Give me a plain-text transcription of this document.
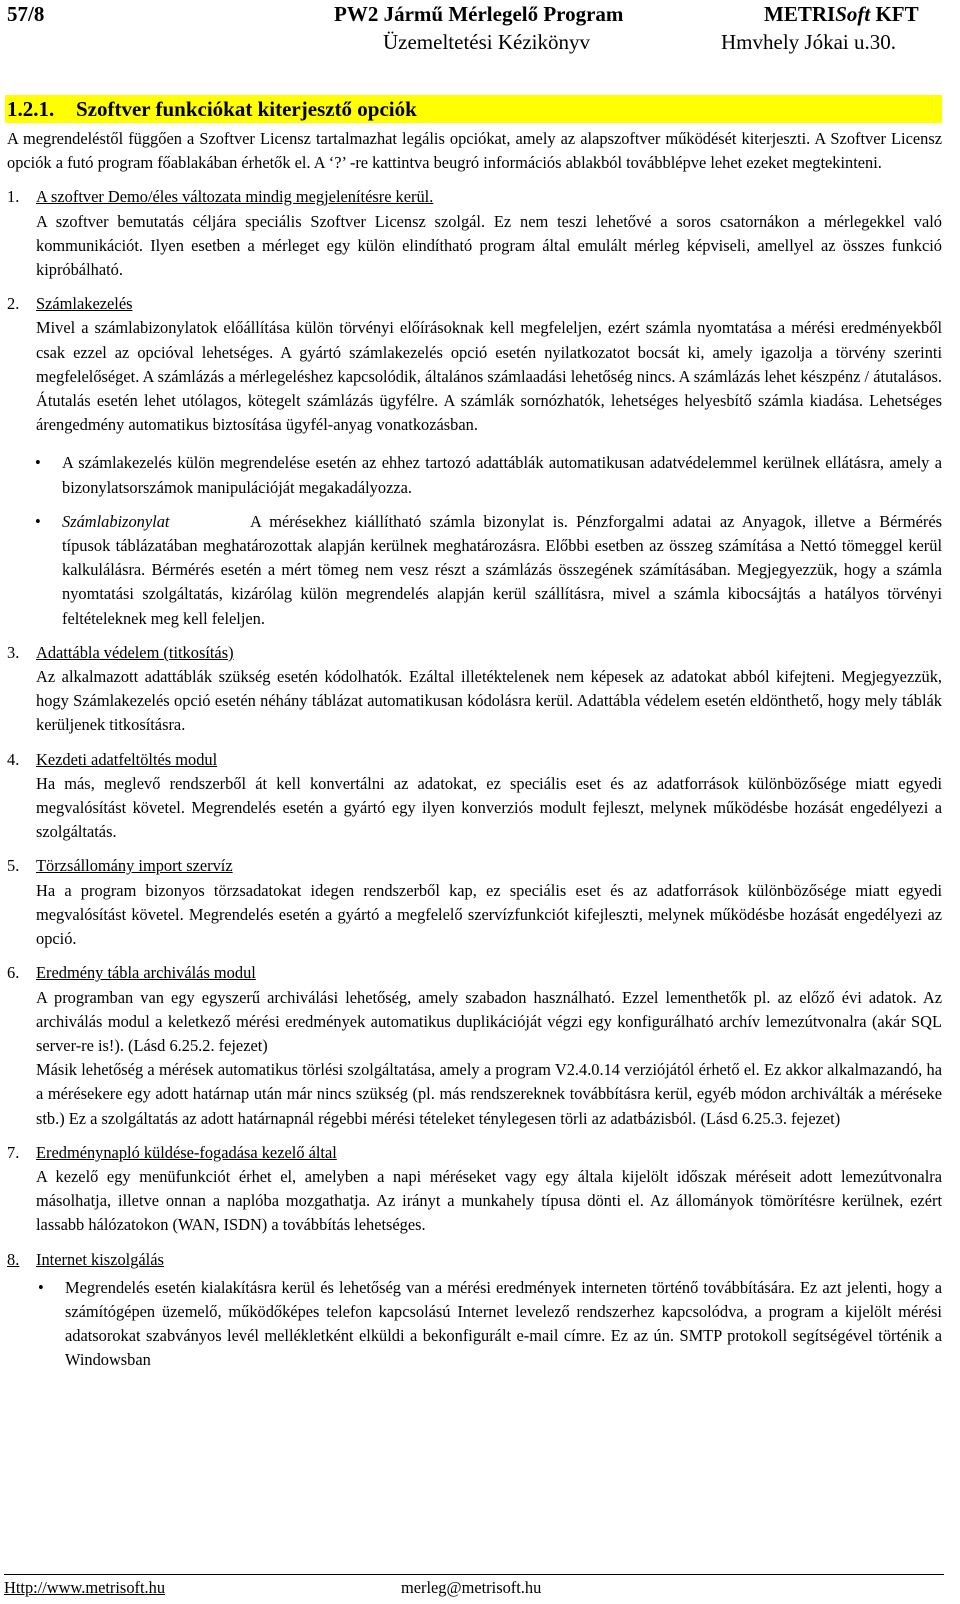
57/8	PW2 Jármű Mérlegelő Program	METRISoft KFT
Üzemeltetési Kézikönyv	Hmvhely Jókai u.30.
1.2.1. Szoftver funkciókat kiterjesztő opciók

A megrendeléstől függően a Szoftver Licensz tartalmazhat legális opciókat, amely az alapszoftver működését kiterjeszti. A Szoftver Licensz opciók a futó program főablakában érhetők el. A ‘?’ -re kattintva beugró információs ablakból továbblépve lehet ezeket megtekinteni.

1. A szoftver Demo/éles változata mindig megjelenítésre kerül.

A szoftver bemutatás céljára speciális Szoftver Licensz szolgál. Ez nem teszi lehetővé a soros csatornákon a mérlegekkel való kommunikációt. Ilyen esetben a mérleget egy külön elindítható program által emulált mérleg képviseli, amellyel az összes funkció kipróbálható.

2. Számlakezelés

Mivel a számlabizonylatok előállítása külön törvényi előírásoknak kell megfeleljen, ezért számla nyomtatása a mérési eredményekből csak ezzel az opcióval lehetséges. A gyártó számlakezelés opció esetén nyilatkozatot bocsát ki, amely igazolja a törvény szerinti megfelelőséget. A számlázás a mérlegeléshez kapcsolódik, általános számlaadási lehetőség nincs. A számlázás lehet készpénz / átutalásos. Átutalás esetén lehet utólagos, kötegelt számlázás ügyfélre. A számlák sornózhatók, lehetséges helyesbítő számla kiadása. Lehetséges árengedmény automatikus biztosítása ügyfél-anyag vonatkozásban.

• A számlakezelés külön megrendelése esetén az ehhez tartozó adattáblák automatikusan adatvédelemmel kerülnek ellátásra, amely a bizonylatsorszámok manipulációját megakadályozza.
• Számlabizonylat	A mérésekhez kiállítható számla bizonylat is. Pénzforgalmi adatai az Anyagok, illetve a Bérmérés típusok táblázatában meghatározottak alapján kerülnek meghatározásra. Előbbi esetben az összeg számítása a Nettó tömeggel kerül kalkulálásra. Bérmérés esetén a mért tömeg nem vesz részt a számlázás összegének számításában. Megjegyezzük, hogy a számla nyomtatási szolgáltatás, kizárólag külön megrendelés alapján kerül szállításra, mivel a számla kibocsájtás a hatályos törvényi feltételeknek meg kell feleljen.
3. Adattábla védelem (titkosítás)

Az alkalmazott adattáblák szükség esetén kódolhatók. Ezáltal illetéktelenek nem képesek az adatokat abból kifejteni. Megjegyezzük, hogy Számlakezelés opció esetén néhány táblázat automatikusan kódolásra kerül. Adattábla védelem esetén eldönthető, hogy mely táblák kerüljenek titkosításra.

4. Kezdeti adatfeltöltés modul

Ha más, meglevő rendszerből át kell konvertálni az adatokat, ez speciális eset és az adatforrások különbözősége miatt egyedi megvalósítást követel. Megrendelés esetén a gyártó egy ilyen konverziós modult fejleszt, melynek működésbe hozását engedélyezi a szolgáltatás.

5. Törzsállomány import szervíz

Ha a program bizonyos törzsadatokat idegen rendszerből kap, ez speciális eset és az adatforrások különbözősége miatt egyedi megvalósítást követel. Megrendelés esetén a gyártó a megfelelő szervízfunkciót kifejleszti, melynek működésbe hozását engedélyezi az opció.

6. Eredmény tábla archiválás modul

A programban van egy egyszerű archiválási lehetőség, amely szabadon használható. Ezzel lementhetők pl. az előző évi adatok. Az archiválás modul a keletkező mérési eredmények automatikus duplikációját végzi egy konfigurálható archív lemezútvonalra (akár SQL server-re is!). (Lásd 6.25.2. fejezet)

Másik lehetőség a mérések automatikus törlési szolgáltatása, amely a program V2.4.0.14 verziójától érhető el. Ez akkor alkalmazandó, ha a mérésekere egy adott határnap után már nincs szükség (pl. más rendszereknek továbbításra kerül, egyéb módon archiválták a méréseke stb.) Ez a szolgáltatás az adott határnapnál régebbi mérési tételeket ténylegesen törli az adatbázisból. (Lásd 6.25.3. fejezet)

7. Eredménynapló küldése-fogadása kezelő által

A kezelő egy menüfunkciót érhet el, amelyben a napi méréseket vagy egy általa kijelölt időszak méréseit adott lemezútvonalra másolhatja, illetve onnan a naplóba mozgathatja. Az irányt a munkahely típusa dönti el. Az állományok tömörítésre kerülnek, ezért lassabb hálózatokon (WAN, ISDN) a továbbítás lehetséges.

8. Internet kiszolgálás
• Megrendelés esetén kialakításra kerül és lehetőség van a mérési eredmények interneten történő továbbítására. Ez azt jelenti, hogy a számítógépen üzemelő, működőképes telefon kapcsolású Internet levelező rendszerhez kapcsolódva, a program a kijelölt mérési adatsorokat szabványos levél mellékletként elküldi a bekonfigurált e-mail címre. Ez az ún. SMTP protokoll segítségével történik a Windowsban
Http://www.metrisoft.hu	merleg@metrisoft.hu
